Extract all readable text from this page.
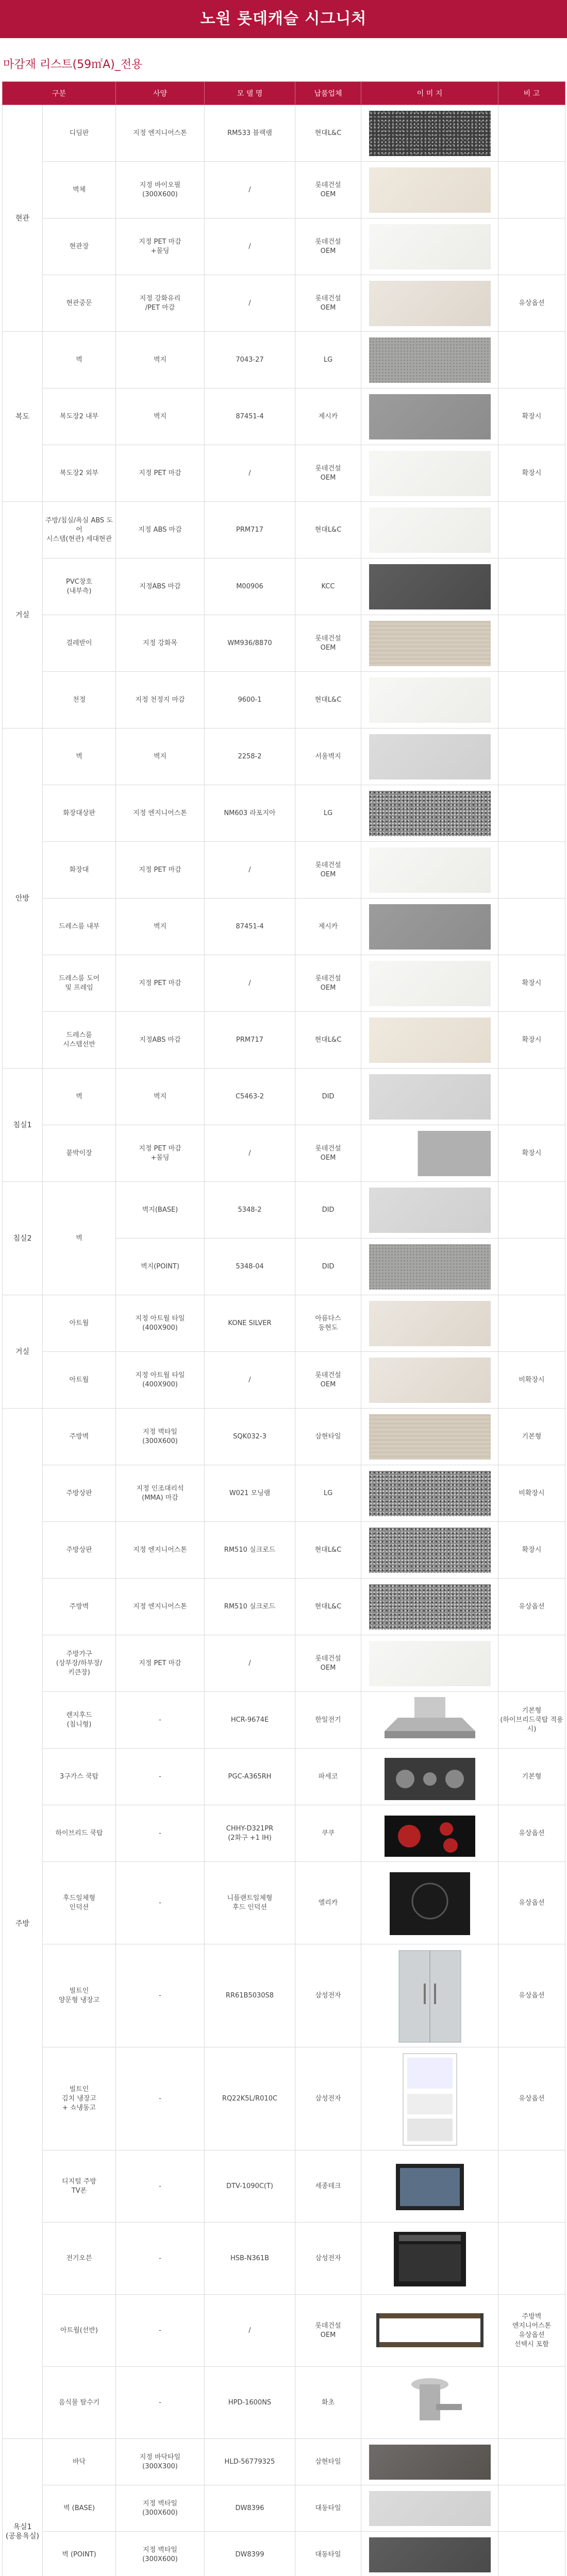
노원 롯데캐슬 시그니처
마감재 리스트(59㎡A)_전용
구분		사양	모 델 명	납품업체	이 미 지	비 고
현관	디딤판	지정 엔지니어스톤	RM533 블랙램	현대L&C	

	벽체	지정 바이오필
(300X600)	/	롯데건설
OEM	

	현관장	지정 PET 마감
+몰딩	/	롯데건설
OEM	

	현관중문	지정 강화유리
/PET 마감	/	롯데건설
OEM		유상옵션
복도	벽	벽지	7043-27	LG	

	복도장2 내부	벽지	87451-4	제시카		확장시
	복도장2 외부	지정 PET 마감	/	롯데건설
OEM		확장시
거실	주방/침실/욕실 ABS 도어
시스템(현관) 세대현관	지정 ABS 마감	PRM717	현대L&C	

	PVC창호
(내부측)	지정ABS 마감	M00906	KCC	

	걸레받이	지정 강화목	WM936/8870	롯데건설
OEM	

	천정	지정 천정지 마감	9600-1	현대L&C	

안방	벽	벽지	2258-2	서울벽지	

	화장대상판	지정 엔지니어스톤	NM603 라포지아	LG	

	화장대	지정 PET 마감	/	롯데건설
OEM	

	드레스룸 내부	벽지	87451-4	제시카	

	드레스룸 도어
및 프레임	지정 PET 마감	/	롯데건설
OEM		확장시
	드레스룸
시스템선반	지정ABS 마감	PRM717	현대L&C		확장시
침실1	벽	벽지	C5463-2	DID	

	붙박이장	지정 PET 마감
+몰딩	/	롯데건설
OEM		확장시
침실2	벽	벽지(BASE)	5348-2	DID	

		벽지(POINT)	5348-04	DID	

거실	아트월	지정 아트월 타일
(400X900)	KONE SILVER	아름다스
동현도	

	아트월	지정 아트월 타일
(400X900)	/	롯데건설
OEM		비확장시
주방	주방벽	지정 벽타일
(300X600)	SQK032-3	삼현타일		기본형
	주방상판	지정 인조대리석
(MMA) 마감	W021 모닝램	LG		비확장시
	주방상판	지정 엔지니어스톤	RM510 실크로드	현대L&C		확장시
	주방벽	지정 엔지니어스톤	RM510 실크로드	현대L&C		유상옵션
	주방가구
(상부장/하부장/
키큰장)	지정 PET 마감	/	롯데건설
OEM	

	렌지후드
(침니형)	-	HCR-9674E	한일전기		기본형
(하이브리드쿡탑 적용시)
	3구가스 쿡탑	-	PGC-A365RH	파세코		기본형
	하이브리드 쿡탑	-	CHHY-D321PR
(2화구 +1 IH)	쿠쿠		유상옵션
	후드일체형
인덕션	-	니플랜트일체형
후드 인덕션	엘리카		유상옵션
	빌트인
양문형 냉장고	-	RR61B5030S8	삼성전자		유상옵션
	빌트인
김치 냉장고
+ 쇼냉동고	-	RQ22K5L/R010C	삼성전자		유상옵션
	디지털 주방
TV폰	-	DTV-1090C(T)	세종테크	

	전기오븐	-	HSB-N361B	삼성전자	

	아트월(선반)	-	/	롯데건설
OEM		주방벽
엔지니어스톤
유상옵션
선택시 포함
	음식물 탈수기	-	HPD-1600NS	화초	

욕실1
(공용욕실)	바닥	지정 바닥타일
(300X300)	HLD-56779325	삼현타일	

	벽 (BASE)	지정 벽타일
(300X600)	DW8396	대동타일	

	벽 (POINT)	지정 벽타일
(300X600)	DW8399	대동타일	
